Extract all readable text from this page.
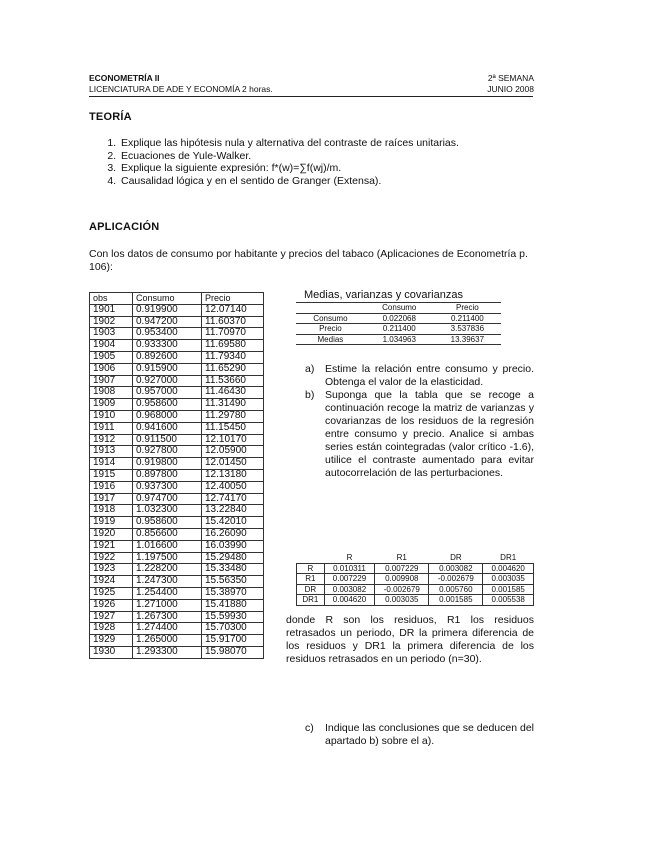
ECONOMETRÍA II
LICENCIATURA DE ADE Y ECONOMÍA 2 horas.
2ª SEMANA
JUNIO 2008
TEORÍA
1. Explique las hipótesis nula y alternativa del contraste de raíces unitarias.
2. Ecuaciones de Yule-Walker.
3. Explique la siguiente expresión: f*(w)=∑f(wj)/m.
4. Causalidad lógica y en el sentido de Granger (Extensa).
APLICACIÓN
Con los datos de consumo por habitante y precios del tabaco (Aplicaciones de Econometría p. 106):
obs	Consumo	Precio
1901	0.919900	12.07140
1902	0.947200	11.60370
1903	0.953400	11.70970
1904	0.933300	11.69580
1905	0.892600	11.79340
1906	0.915900	11.65290
1907	0.927000	11.53660
1908	0.957000	11.46430
1909	0.958600	11.31490
1910	0.968000	11.29780
1911	0.941600	11.15450
1912	0.911500	12.10170
1913	0.927800	12.05900
1914	0.919800	12.01450
1915	0.897800	12.13180
1916	0.937300	12.40050
1917	0.974700	12.74170
1918	1.032300	13.22840
1919	0.958600	15.42010
1920	0.856600	16.26090
1921	1.016600	16.03990
1922	1.197500	15.29480
1923	1.228200	15.33480
1924	1.247300	15.56350
1925	1.254400	15.38970
1926	1.271000	15.41880
1927	1.267300	15.59930
1928	1.274400	15.70300
1929	1.265000	15.91700
1930	1.293300	15.98070
Medias, varianzas y covarianzas
	Consumo	Precio
Consumo	0.022068	0.211400
Precio	0.211400	3.537836
Medias	1.034963	13.39637
a) Estime la relación entre consumo y precio. Obtenga el valor de la elasticidad.
b) Suponga que la tabla que se recoge a continuación recoge la matriz de varianzas y covarianzas de los residuos de la regresión entre consumo y precio. Analice si ambas series están cointegradas (valor crítico -1.6), utilice el contraste aumentado para evitar autocorrelación de las perturbaciones.
	R	R1	DR	DR1
R	0.010311	0.007229	0.003082	0.004620
R1	0.007229	0.009908	-0.002679	0.003035
DR	0.003082	-0.002679	0.005760	0.001585
DR1	0.004620	0.003035	0.001585	0.005538
donde R son los residuos, R1 los residuos retrasados un periodo, DR la primera diferencia de los residuos y DR1 la primera diferencia de los residuos retrasados en un periodo (n=30).
c) Indique las conclusiones que se deducen del apartado b) sobre el a).
